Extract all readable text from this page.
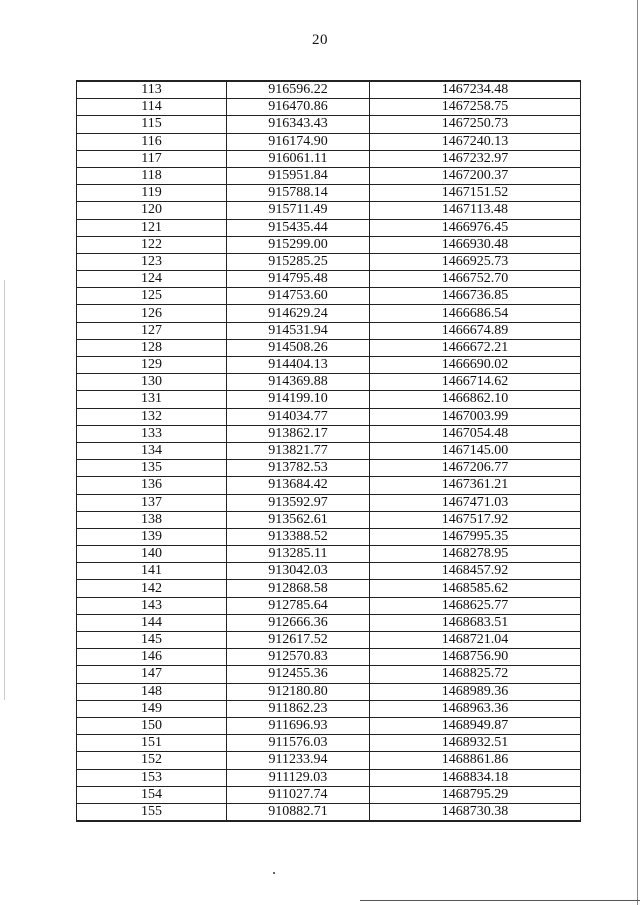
20
113	916596.22	1467234.48
114	916470.86	1467258.75
115	916343.43	1467250.73
116	916174.90	1467240.13
117	916061.11	1467232.97
118	915951.84	1467200.37
119	915788.14	1467151.52
120	915711.49	1467113.48
121	915435.44	1466976.45
122	915299.00	1466930.48
123	915285.25	1466925.73
124	914795.48	1466752.70
125	914753.60	1466736.85
126	914629.24	1466686.54
127	914531.94	1466674.89
128	914508.26	1466672.21
129	914404.13	1466690.02
130	914369.88	1466714.62
131	914199.10	1466862.10
132	914034.77	1467003.99
133	913862.17	1467054.48
134	913821.77	1467145.00
135	913782.53	1467206.77
136	913684.42	1467361.21
137	913592.97	1467471.03
138	913562.61	1467517.92
139	913388.52	1467995.35
140	913285.11	1468278.95
141	913042.03	1468457.92
142	912868.58	1468585.62
143	912785.64	1468625.77
144	912666.36	1468683.51
145	912617.52	1468721.04
146	912570.83	1468756.90
147	912455.36	1468825.72
148	912180.80	1468989.36
149	911862.23	1468963.36
150	911696.93	1468949.87
151	911576.03	1468932.51
152	911233.94	1468861.86
153	911129.03	1468834.18
154	911027.74	1468795.29
155	910882.71	1468730.38
